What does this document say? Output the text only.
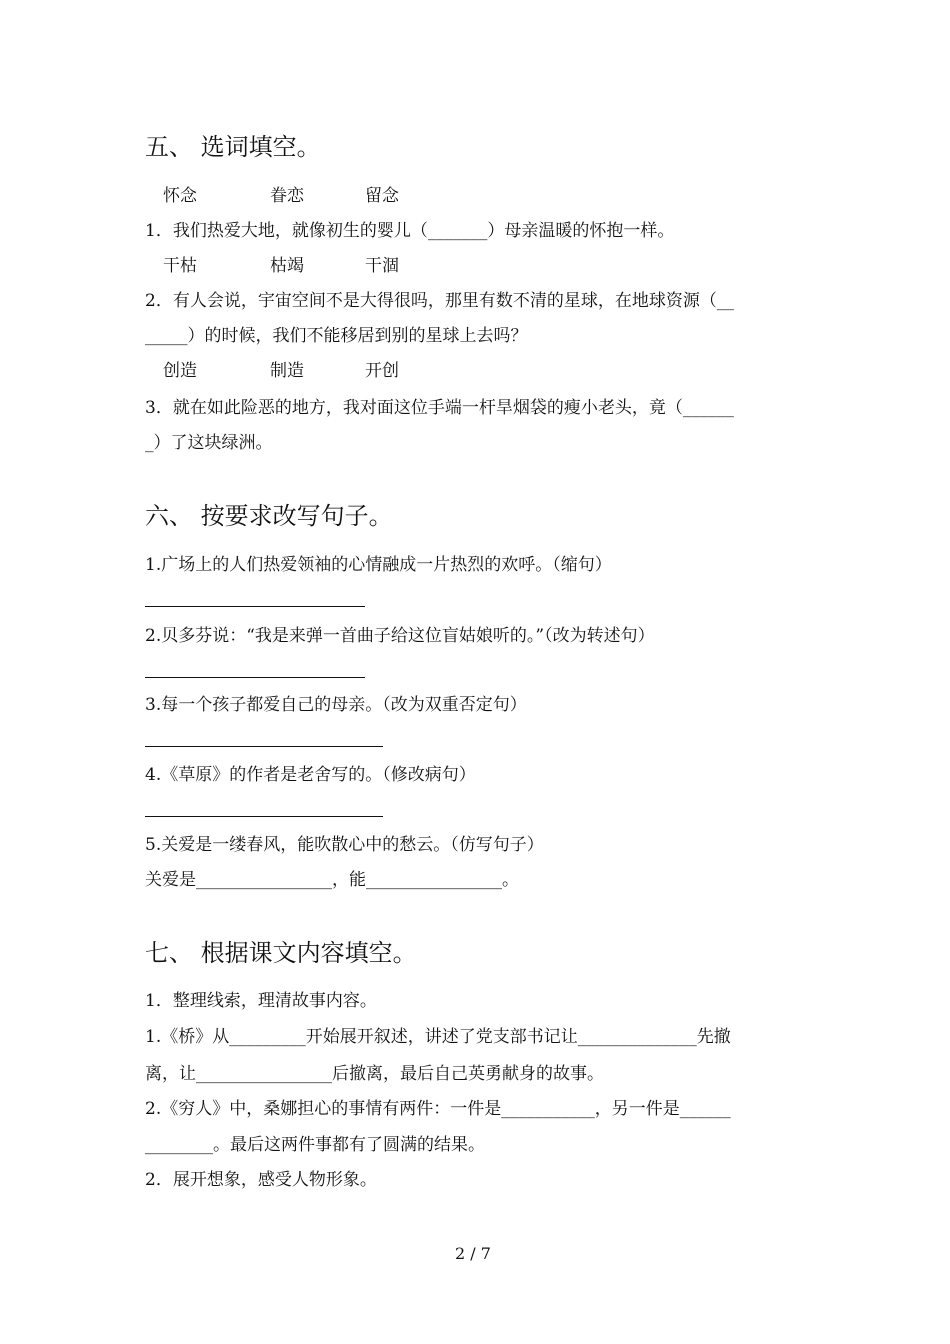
五、 选词填空。
怀念	眷恋	留念
1．我们热爱大地，就像初生的婴儿（_______）母亲温暖的怀抱一样。
干枯	枯竭	干涸
2．有人会说，宇宙空间不是大得很吗，那里有数不清的星球，在地球资源（__
_____）的时候，我们不能移居到别的星球上去吗？
创造	制造	开创
3．就在如此险恶的地方，我对面这位手端一杆旱烟袋的瘦小老头，竟（______
_）了这块绿洲。
六、 按要求改写句子。
1.广场上的人们热爱领袖的心情融成一片热烈的欢呼。（缩句）
2.贝多芬说：“我是来弹一首曲子给这位盲姑娘听的。”（改为转述句）
3.每一个孩子都爱自己的母亲。（改为双重否定句）
4.《草原》的作者是老舍写的。（修改病句）
5.关爱是一缕春风，能吹散心中的愁云。（仿写句子）
关爱是________________，能________________。
七、 根据课文内容填空。
1．整理线索，理清故事内容。
1.《桥》从_________开始展开叙述，讲述了党支部书记让______________先撤
离，让________________后撤离，最后自己英勇献身的故事。
2.《穷人》中，桑娜担心的事情有两件：一件是___________，另一件是______
________。最后这两件事都有了圆满的结果。
2．展开想象，感受人物形象。
2 / 7
